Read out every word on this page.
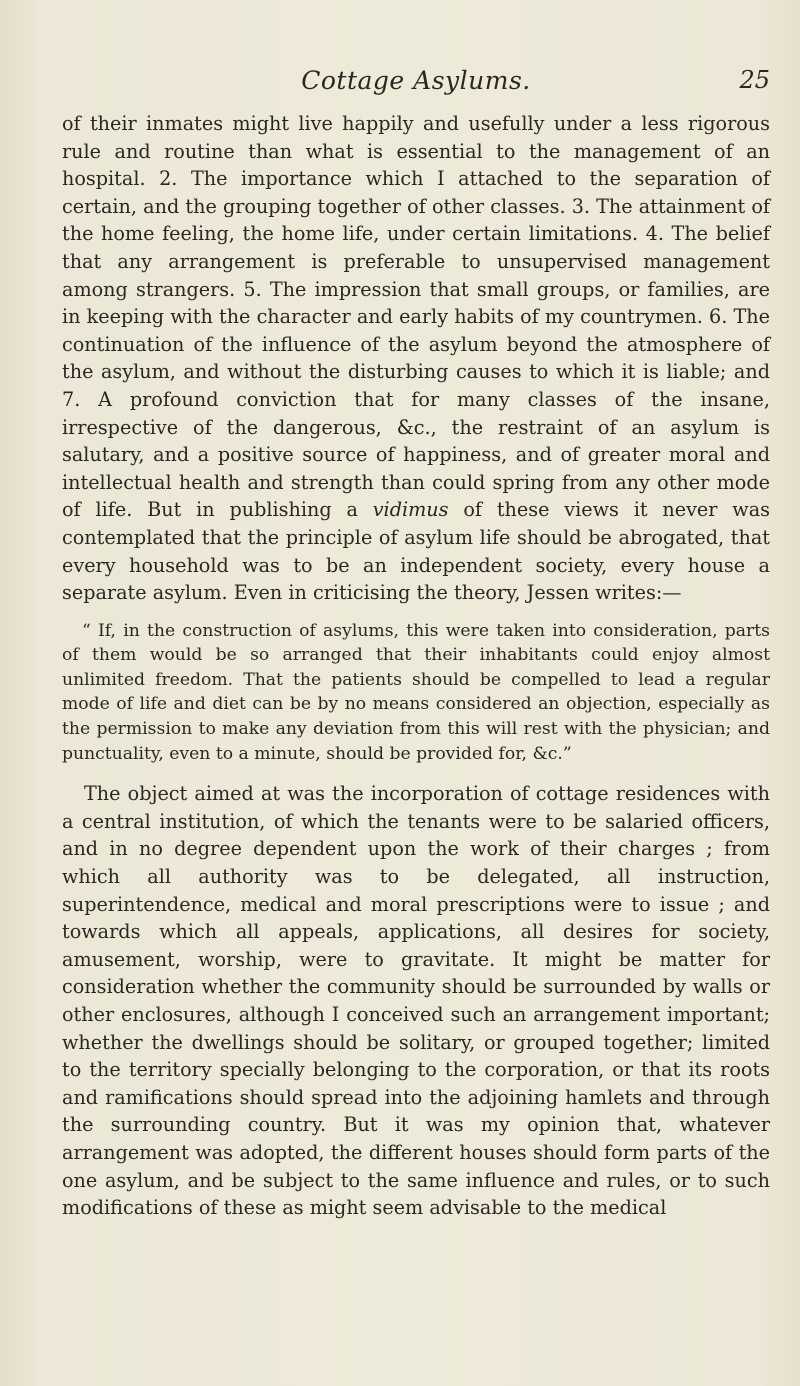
Cottage Asylums.	25

of their inmates might live happily and usefully under a less rigorous rule and routine than what is essential to the management of an hospital. 2. The importance which I attached to the separation of certain, and the grouping together of other classes. 3. The attainment of the home feeling, the home life, under certain limitations. 4. The belief that any arrangement is preferable to unsupervised management among strangers. 5. The impression that small groups, or families, are in keeping with the character and early habits of my countrymen. 6. The continuation of the influence of the asylum beyond the atmosphere of the asylum, and without the disturbing causes to which it is liable; and 7. A profound conviction that for many classes of the insane, irrespective of the dangerous, &c., the restraint of an asylum is salutary, and a positive source of happiness, and of greater moral and intellectual health and strength than could spring from any other mode of life. But in publishing a vidimus of these views it never was contemplated that the principle of asylum life should be abrogated, that every household was to be an independent society, every house a separate asylum. Even in criticising the theory, Jessen writes:—

“ If, in the construction of asylums, this were taken into consideration, parts of them would be so arranged that their inhabitants could enjoy almost unlimited freedom. That the patients should be compelled to lead a regular mode of life and diet can be by no means considered an objection, especially as the permission to make any deviation from this will rest with the physician; and punctuality, even to a minute, should be provided for, &c.”

The object aimed at was the incorporation of cottage residences with a central institution, of which the tenants were to be salaried officers, and in no degree dependent upon the work of their charges ; from which all authority was to be delegated, all instruction, superintendence, medical and moral prescriptions were to issue ; and towards which all appeals, applications, all desires for society, amusement, worship, were to gravitate. It might be matter for consideration whether the community should be surrounded by walls or other enclosures, although I conceived such an arrangement important; whether the dwellings should be solitary, or grouped together; limited to the territory specially belonging to the corporation, or that its roots and ramifications should spread into the adjoining hamlets and through the surrounding country. But it was my opinion that, whatever arrangement was adopted, the different houses should form parts of the one asylum, and be subject to the same influence and rules, or to such modifications of these as might seem advisable to the medical
